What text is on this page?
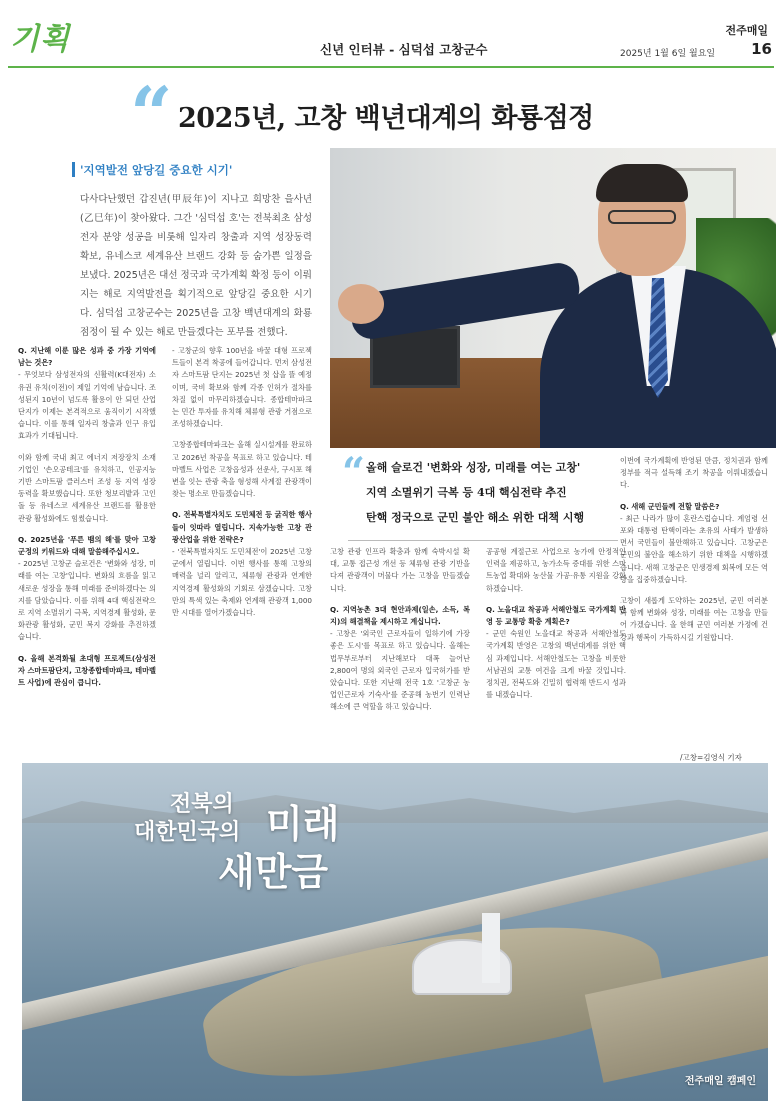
기획	신년 인터뷰 - 심덕섭 고창군수
전주매일
2025년 1월 6일 월요일 16
“ 2025년, 고창 백년대계의 화룡점정
'지역발전 앞당길 중요한 시기'
다사다난했던 갑진년(甲辰年)이 지나고 희망찬 을사년(乙巳年)이 찾아왔다. 그간 '심덕섭 호'는 전북최초 삼성전자 분양 성공을 비롯해 일자리 창출과 지역 성장동력 확보, 유네스코 세계유산 브랜드 강화 등 숨가쁜 일정을 보냈다. 2025년은 대선 정국과 국가계획 확정 등이 이뤄지는 해로 지역발전을 획기적으로 앞당길 중요한 시기다. 심덕섭 고창군수는 2025년을 고창 백년대계의 화룡점정이 될 수 있는 해로 만들겠다는 포부를 전했다.
“ 올해 슬로건 '변화와 성장, 미래를 여는 고창'

지역 소멸위기 극복 등 4대 핵심전략 추진

탄핵 정국으로 군민 불안 해소 위한 대책 시행

Q. 지난해 이룬 많은 성과 중 가장 기억에 남는 것은?
- 무엇보다 삼성전자의 신활력(K대전자) 소유권 유치(이전)이 제일 기억에 남습니다. 조성된지 10년이 넘도록 활용이 안 되던 산업단지가 이제는 본격적으로 움직이기 시작했습니다. 이를 통해 일자리 창출과 인구 유입 효과가 기대됩니다.

이와 함께 국내 최고 에너지 저장장치 소재기업인 '손오공테크'를 유치하고, 인공지능 기반 스마트팜 클러스터 조성 등 지역 성장동력을 확보했습니다. 또한 청보리밭과 고인돌 등 유네스코 세계유산 브랜드를 활용한 관광 활성화에도 힘썼습니다.

Q. 2025년을 '푸른 뱀의 해'를 맞아 고창 군정의 키워드와 대해 말씀해주십시오.
- 2025년 고창군 슬로건은 '변화와 성장, 미래를 여는 고창'입니다. 변화의 흐름을 읽고 새로운 성장을 통해 미래를 준비하겠다는 의지를 담았습니다. 이를 위해 4대 핵심전략으로 지역 소멸위기 극복, 지역경제 활성화, 문화관광 활성화, 군민 복지 강화를 추진하겠습니다.

Q. 올해 본격화될 초대형 프로젝트(삼성전자 스마트팜단지, 고창종합테마파크, 테마벨트 사업)에 관심이 큽니다.

- 고창군의 향후 100년을 바꿀 대형 프로젝트들이 본격 착공에 들어갑니다. 먼저 삼성전자 스마트팜 단지는 2025년 첫 삽을 뜰 예정이며, 국비 확보와 함께 각종 인허가 절차를 차질 없이 마무리하겠습니다. 종합테마파크는 민간 투자를 유치해 체류형 관광 거점으로 조성하겠습니다.

고창종합테마파크는 올해 실시설계를 완료하고 2026년 착공을 목표로 하고 있습니다. 테마벨트 사업은 고창읍성과 선운사, 구시포 해변을 잇는 관광 축을 형성해 사계절 관광객이 찾는 명소로 만들겠습니다.

Q. 전북특별자치도 도민체전 등 굵직한 행사들이 잇따라 열립니다. 지속가능한 고창 관광산업을 위한 전략은?
- '전북특별자치도 도민체전'이 2025년 고창군에서 열립니다. 이번 행사를 통해 고창의 매력을 널리 알리고, 체류형 관광과 연계한 지역경제 활성화의 기회로 삼겠습니다. 고창만의 특색 있는 축제와 연계해 관광객 1,000만 시대를 열어가겠습니다.

고창 관광 인프라 확충과 함께 숙박시설 확대, 교통 접근성 개선 등 체류형 관광 기반을 다져 관광객이 머물다 가는 고창을 만들겠습니다.

Q. 지역농촌 3대 현안과제(일손, 소득, 복지)의 해결책을 제시하고 계십니다.
- 고창은 '외국인 근로자들이 일하기에 가장 좋은 도시'를 목표로 하고 있습니다. 올해는 법무부로부터 지난해보다 대폭 늘어난 2,800여 명의 외국인 근로자 입국허가를 받았습니다. 또한 지난해 전국 1호 '고창군 농업인근로자 기숙사'를 준공해 농번기 인력난 해소에 큰 역할을 하고 있습니다.

공공형 계절근로 사업으로 농가에 안정적인 인력을 제공하고, 농가소득 증대를 위한 스마트농업 확대와 농산물 가공·유통 지원을 강화하겠습니다.

Q. 노을대교 착공과 서해안철도 국가계획 반영 등 교통망 확충 계획은?
- 군민 숙원인 노을대교 착공과 서해안철도 국가계획 반영은 고창의 백년대계를 위한 핵심 과제입니다. 서해안철도는 고창을 비롯한 서남권의 교통 여건을 크게 바꿀 것입니다. 정치권, 전북도와 긴밀히 협력해 반드시 성과를 내겠습니다.

이번에 국가계획에 반영된 만큼, 정치권과 함께 정부를 적극 설득해 조기 착공을 이뤄내겠습니다.

Q. 새해 군민들께 전할 말씀은?
- 최근 나라가 많이 혼란스럽습니다. 계엄령 선포와 대통령 탄핵이라는 초유의 사태가 발생하면서 국민들이 불안해하고 있습니다. 고창군은 군민의 불안을 해소하기 위한 대책을 시행하겠습니다. 새해 고창군은 민생경제 회복에 모든 역량을 집중하겠습니다.

고창이 새롭게 도약하는 2025년, 군민 여러분과 함께 변화와 성장, 미래를 여는 고창을 만들어 가겠습니다. 올 한해 군민 여러분 가정에 건강과 행복이 가득하시길 기원합니다.

/고창=김영식 기자
전북의
대한민국의 미래
새만금
전주매일 캠페인
